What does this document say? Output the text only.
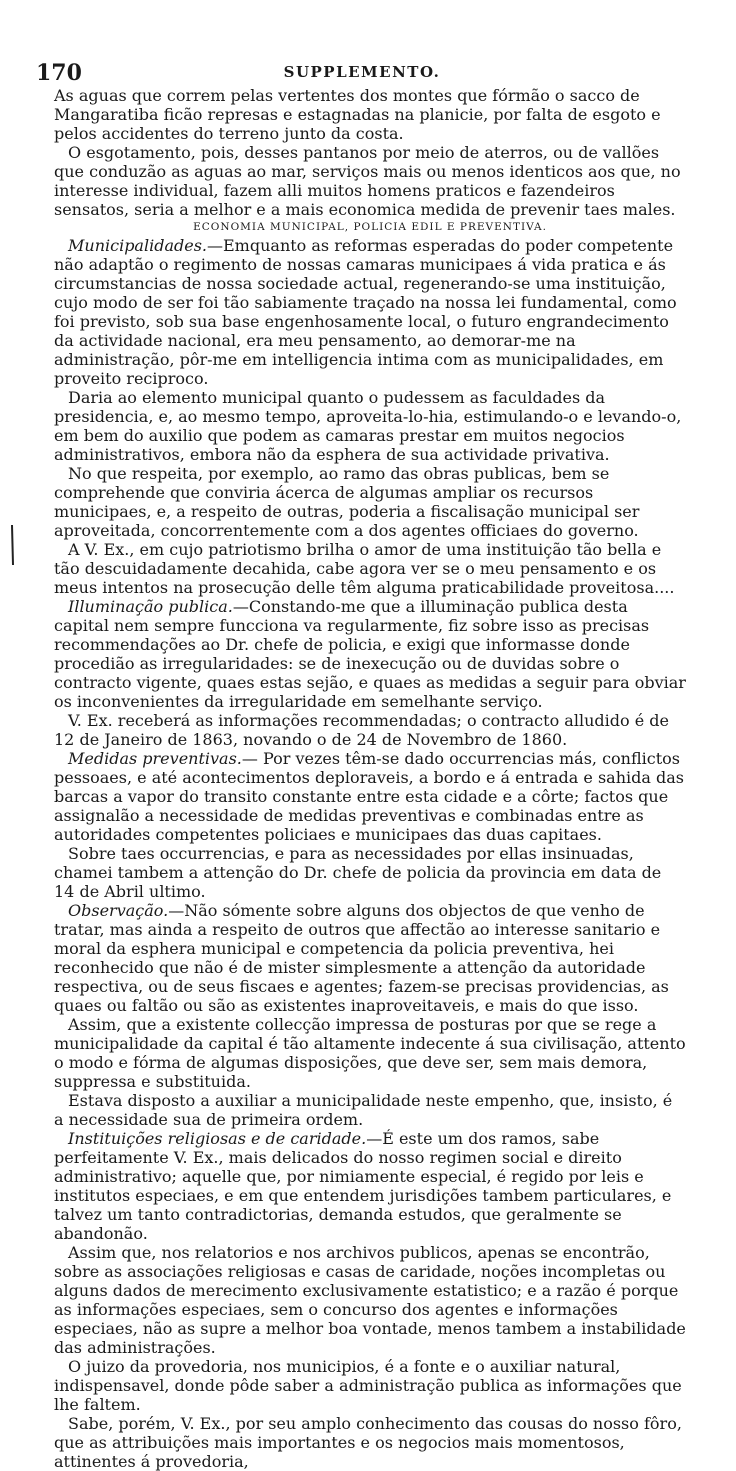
170	SUPPLEMENTO.

As aguas que correm pelas vertentes dos montes que fórmão o sacco de Mangaratiba ficão represas e estagnadas na planicie, por falta de esgoto e pelos accidentes do terreno junto da costa.

O esgotamento, pois, desses pantanos por meio de aterros, ou de vallões que conduzão as aguas ao mar, serviços mais ou menos identicos aos que, no interesse individual, fazem alli muitos homens praticos e fazendeiros sensatos, seria a melhor e a mais economica medida de prevenir taes males.

ECONOMIA MUNICIPAL, POLICIA EDIL E PREVENTIVA.

Municipalidades.—Emquanto as reformas esperadas do poder competente não adaptão o regimento de nossas camaras municipaes á vida pratica e ás circumstancias de nossa sociedade actual, regenerando-se uma instituição, cujo modo de ser foi tão sabiamente traçado na nossa lei fundamental, como foi previsto, sob sua base engenhosamente local, o futuro engrandecimento da actividade nacional, era meu pensamento, ao demorar-me na administração, pôr-me em intelligencia intima com as municipalidades, em proveito reciproco.

Daria ao elemento municipal quanto o pudessem as faculdades da presidencia, e, ao mesmo tempo, aproveita-lo-hia, estimulando-o e levando-o, em bem do auxilio que podem as camaras prestar em muitos negocios administrativos, embora não da esphera de sua actividade privativa.

No que respeita, por exemplo, ao ramo das obras publicas, bem se comprehende que conviria ácerca de algumas ampliar os recursos municipaes, e, a respeito de outras, poderia a fiscalisação municipal ser aproveitada, concorrentemente com a dos agentes officiaes do governo.

A V. Ex., em cujo patriotismo brilha o amor de uma instituição tão bella e tão descuidadamente decahida, cabe agora ver se o meu pensamento e os meus intentos na prosecução delle têm alguma praticabilidade proveitosa....

Illuminação publica.—Constando-me que a illuminação publica desta capital nem sempre funcciona va regularmente, fiz sobre isso as precisas recommendações ao Dr. chefe de policia, e exigi que informasse donde procedião as irregularidades: se de inexecução ou de duvidas sobre o contracto vigente, quaes estas sejão, e quaes as medidas a seguir para obviar os inconvenientes da irregularidade em semelhante serviço.

V. Ex. receberá as informações recommendadas; o contracto alludido é de 12 de Janeiro de 1863, novando o de 24 de Novembro de 1860.

Medidas preventivas.— Por vezes têm-se dado occurrencias más, conflictos pessoaes, e até acontecimentos deploraveis, a bordo e á entrada e sahida das barcas a vapor do transito constante entre esta cidade e a côrte; factos que assignalão a necessidade de medidas preventivas e combinadas entre as autoridades competentes policiaes e municipaes das duas capitaes.

Sobre taes occurrencias, e para as necessidades por ellas insinuadas, chamei tambem a attenção do Dr. chefe de policia da provincia em data de 14 de Abril ultimo.

Observação.—Não sómente sobre alguns dos objectos de que venho de tratar, mas ainda a respeito de outros que affectão ao interesse sanitario e moral da esphera municipal e competencia da policia preventiva, hei reconhecido que não é de mister simplesmente a attenção da autoridade respectiva, ou de seus fiscaes e agentes; fazem-se precisas providencias, as quaes ou faltão ou são as existentes inaproveitaveis, e mais do que isso.

Assim, que a existente collecção impressa de posturas por que se rege a municipalidade da capital é tão altamente indecente á sua civilisação, attento o modo e fórma de algumas disposições, que deve ser, sem mais demora, suppressa e substituida.

Estava disposto a auxiliar a municipalidade neste empenho, que, insisto, é a necessidade sua de primeira ordem.

Instituições religiosas e de caridade.—É este um dos ramos, sabe perfeitamente V. Ex., mais delicados do nosso regimen social e direito administrativo; aquelle que, por nimiamente especial, é regido por leis e institutos especiaes, e em que entendem jurisdições tambem particulares, e talvez um tanto contradictorias, demanda estudos, que geralmente se abandonão.

Assim que, nos relatorios e nos archivos publicos, apenas se encontrão, sobre as associações religiosas e casas de caridade, noções incompletas ou alguns dados de merecimento exclusivamente estatistico; e a razão é porque as informações especiaes, sem o concurso dos agentes e informações especiaes, não as supre a melhor boa vontade, menos tambem a instabilidade das administrações.

O juizo da provedoria, nos municipios, é a fonte e o auxiliar natural, indispensavel, donde pôde saber a administração publica as informações que lhe faltem.

Sabe, porém, V. Ex., por seu amplo conhecimento das cousas do nosso fôro, que as attribuições mais importantes e os negocios mais momentosos, attinentes á provedoria,
